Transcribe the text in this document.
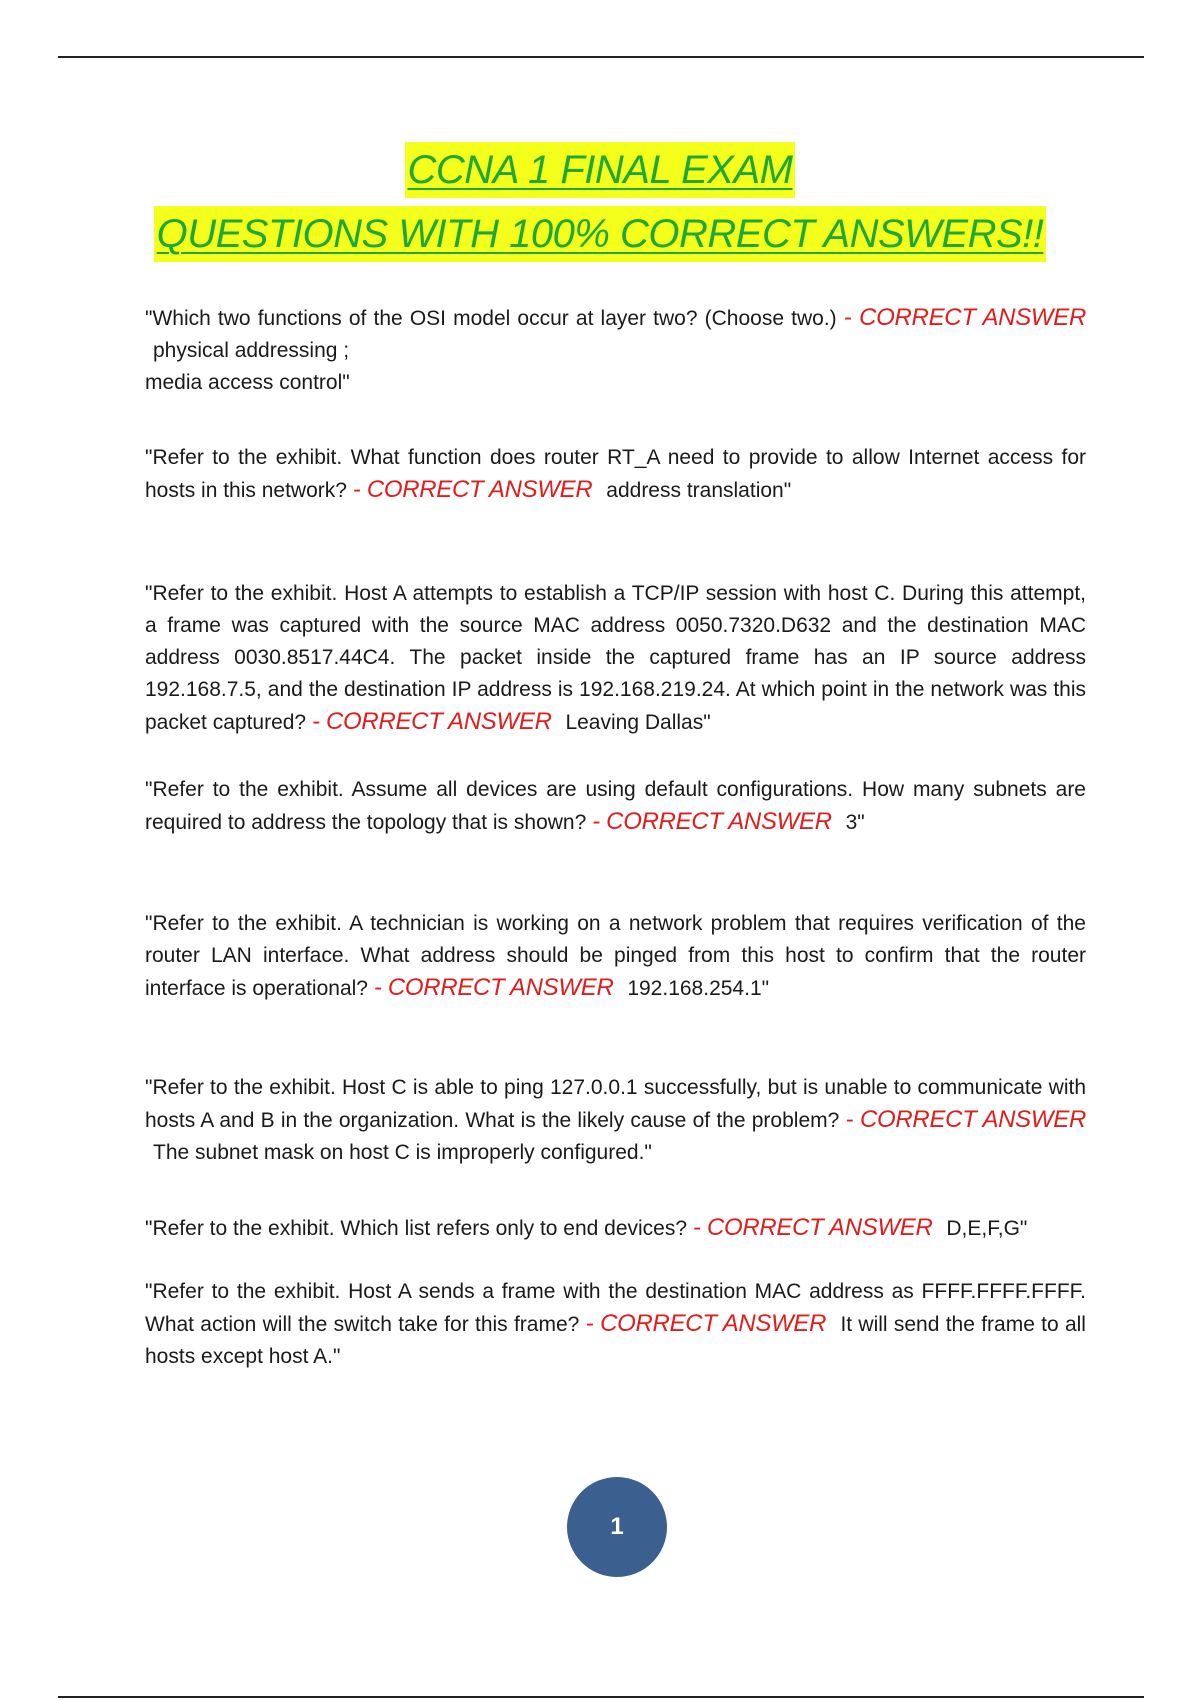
CCNA 1 FINAL EXAM
QUESTIONS WITH 100% CORRECT ANSWERS!!

"Which two functions of the OSI model occur at layer two? (Choose two.) - CORRECT ANSWER physical addressing ;
media access control"

"Refer to the exhibit. What function does router RT_A need to provide to allow Internet access for hosts in this network? - CORRECT ANSWER address translation"

"Refer to the exhibit. Host A attempts to establish a TCP/IP session with host C. During this attempt, a frame was captured with the source MAC address 0050.7320.D632 and the destination MAC address 0030.8517.44C4. The packet inside the captured frame has an IP source address 192.168.7.5, and the destination IP address is 192.168.219.24. At which point in the network was this packet captured? - CORRECT ANSWER Leaving Dallas"

"Refer to the exhibit. Assume all devices are using default configurations. How many subnets are required to address the topology that is shown? - CORRECT ANSWER 3"

"Refer to the exhibit. A technician is working on a network problem that requires verification of the router LAN interface. What address should be pinged from this host to confirm that the router interface is operational? - CORRECT ANSWER 192.168.254.1"

"Refer to the exhibit. Host C is able to ping 127.0.0.1 successfully, but is unable to communicate with hosts A and B in the organization. What is the likely cause of the problem? - CORRECT ANSWER The subnet mask on host C is improperly configured."

"Refer to the exhibit. Which list refers only to end devices? - CORRECT ANSWER D,E,F,G"

"Refer to the exhibit. Host A sends a frame with the destination MAC address as FFFF.FFFF.FFFF. What action will the switch take for this frame? - CORRECT ANSWER It will send the frame to all hosts except host A."

1
